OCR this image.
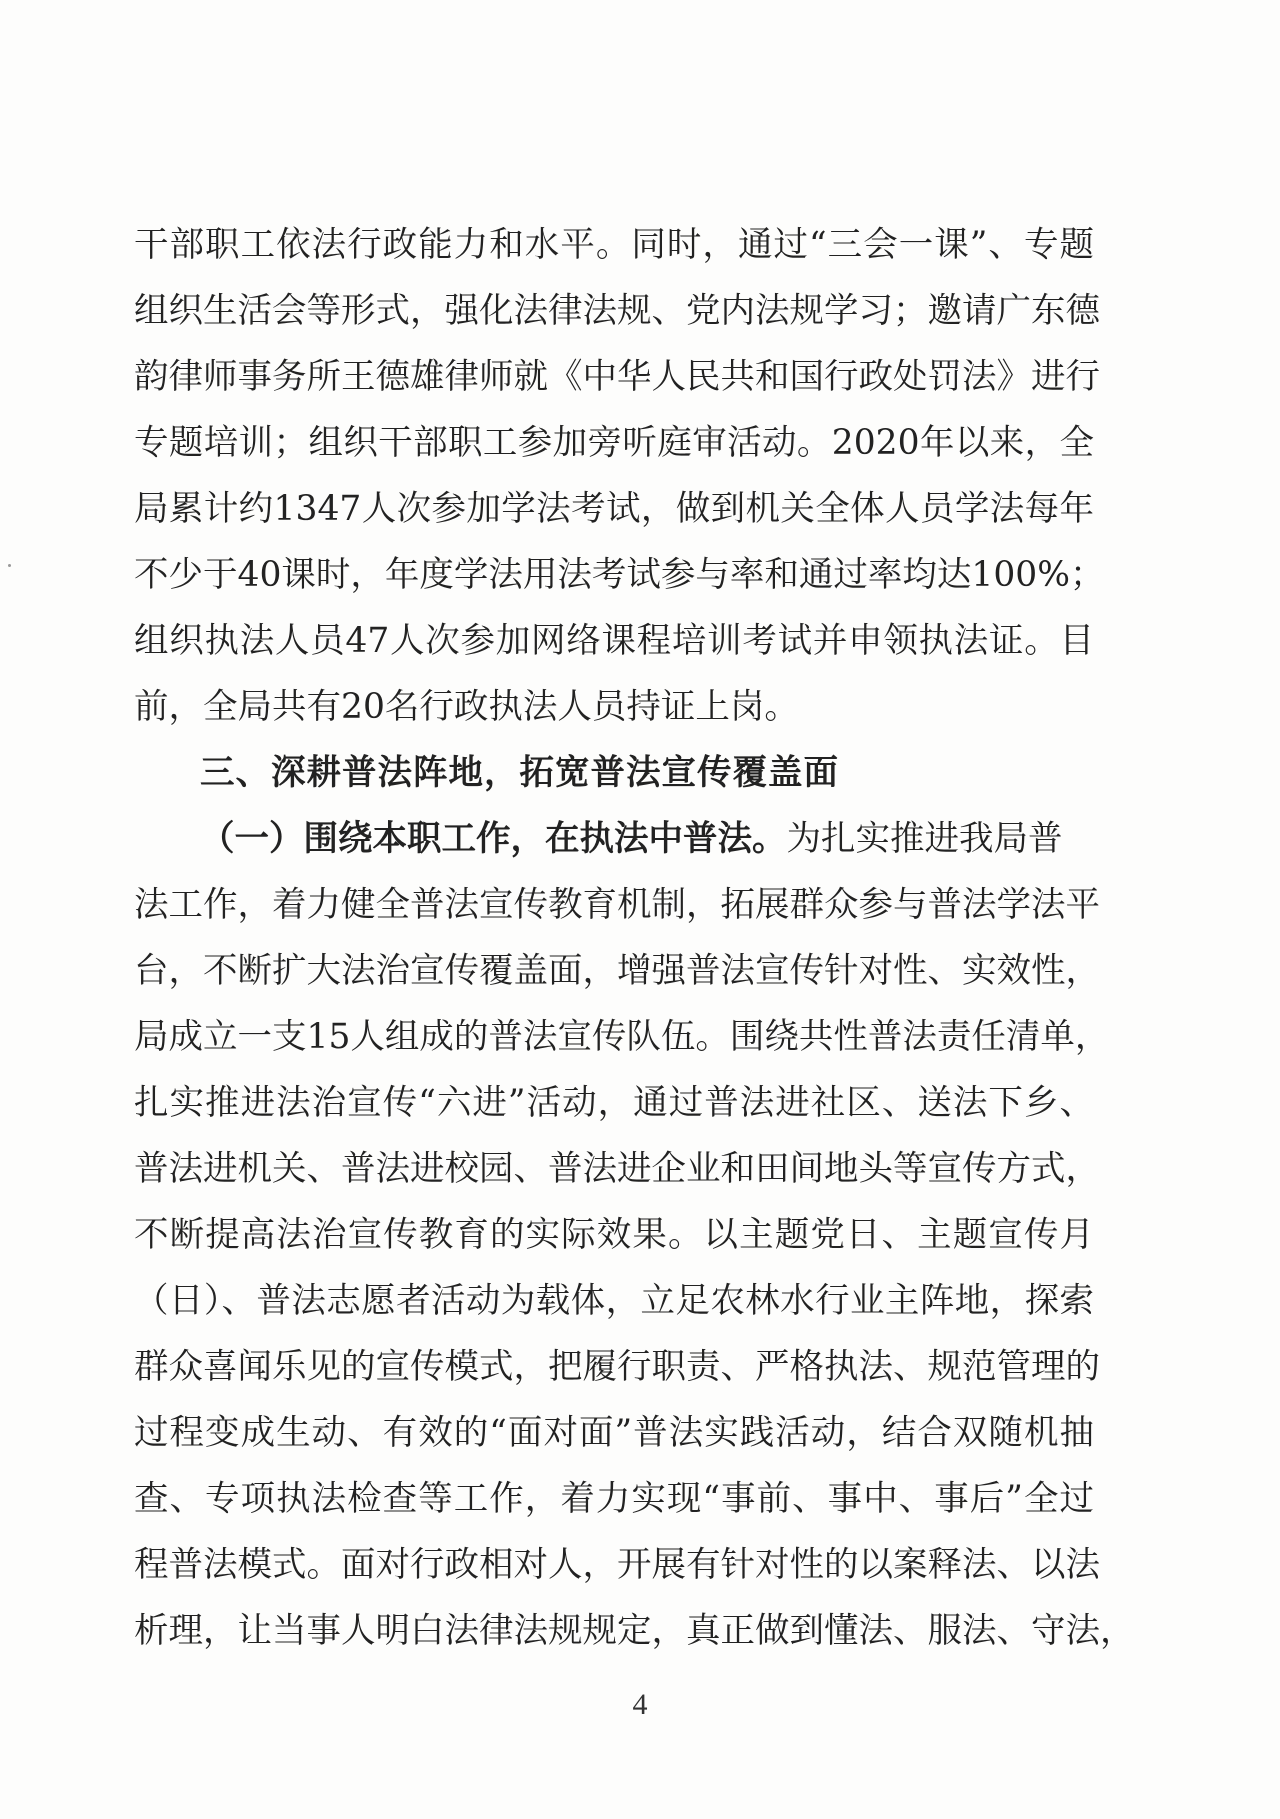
干部职工依法行政能力和水平。同时，通过“三会一课”、专题
组织生活会等形式，强化法律法规、党内法规学习；邀请广东德
韵律师事务所王德雄律师就《中华人民共和国行政处罚法》进行
专题培训；组织干部职工参加旁听庭审活动。2020年以来，全
局累计约1347人次参加学法考试，做到机关全体人员学法每年
不少于40课时，年度学法用法考试参与率和通过率均达100%；
组织执法人员47人次参加网络课程培训考试并申领执法证。目
前，全局共有20名行政执法人员持证上岗。
三、深耕普法阵地，拓宽普法宣传覆盖面
（一）围绕本职工作，在执法中普法。为扎实推进我局普
法工作，着力健全普法宣传教育机制，拓展群众参与普法学法平
台，不断扩大法治宣传覆盖面，增强普法宣传针对性、实效性，
局成立一支15人组成的普法宣传队伍。围绕共性普法责任清单，
扎实推进法治宣传“六进”活动，通过普法进社区、送法下乡、
普法进机关、普法进校园、普法进企业和田间地头等宣传方式，
不断提高法治宣传教育的实际效果。以主题党日、主题宣传月
（日）、普法志愿者活动为载体，立足农林水行业主阵地，探索
群众喜闻乐见的宣传模式，把履行职责、严格执法、规范管理的
过程变成生动、有效的“面对面”普法实践活动，结合双随机抽
查、专项执法检查等工作，着力实现“事前、事中、事后”全过
程普法模式。面对行政相对人，开展有针对性的以案释法、以法
析理，让当事人明白法律法规规定，真正做到懂法、服法、守法，
4
